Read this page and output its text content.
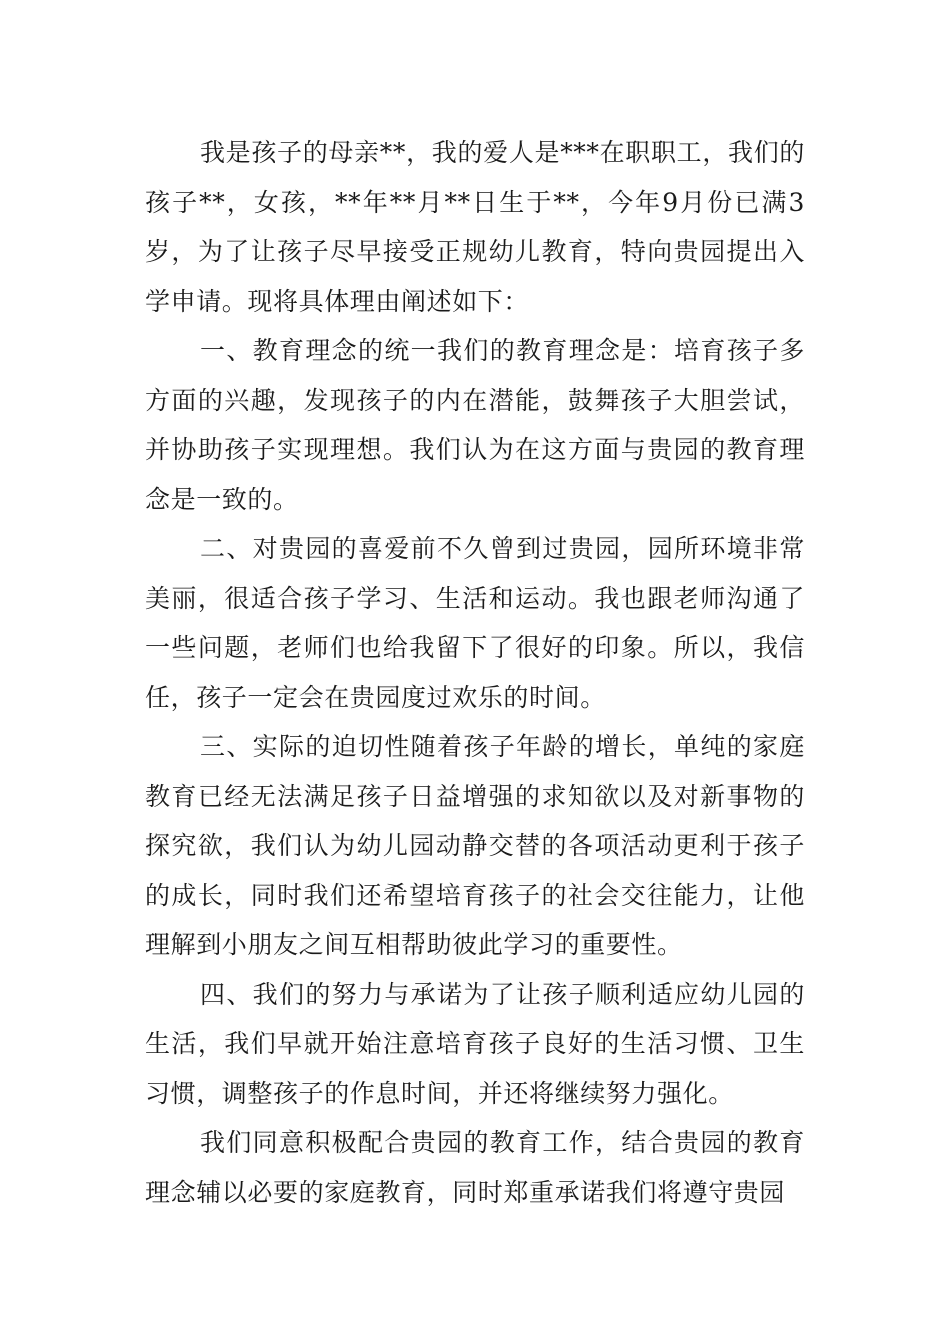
我是孩子的母亲**，我的爱人是***在职职工，我们的孩子**，女孩，**年**月**日生于**，今年9月份已满3岁，为了让孩子尽早接受正规幼儿教育，特向贵园提出入学申请。现将具体理由阐述如下：

一、教育理念的统一我们的教育理念是：培育孩子多方面的兴趣，发现孩子的内在潜能，鼓舞孩子大胆尝试，并协助孩子实现理想。我们认为在这方面与贵园的教育理念是一致的。

二、对贵园的喜爱前不久曾到过贵园，园所环境非常美丽，很适合孩子学习、生活和运动。我也跟老师沟通了一些问题，老师们也给我留下了很好的印象。所以，我信任，孩子一定会在贵园度过欢乐的时间。

三、实际的迫切性随着孩子年龄的增长，单纯的家庭教育已经无法满足孩子日益增强的求知欲以及对新事物的探究欲，我们认为幼儿园动静交替的各项活动更利于孩子的成长，同时我们还希望培育孩子的社会交往能力，让他理解到小朋友之间互相帮助彼此学习的重要性。

四、我们的努力与承诺为了让孩子顺利适应幼儿园的生活，我们早就开始注意培育孩子良好的生活习惯、卫生习惯，调整孩子的作息时间，并还将继续努力强化。

我们同意积极配合贵园的教育工作，结合贵园的教育理念辅以必要的家庭教育，同时郑重承诺我们将遵守贵园
